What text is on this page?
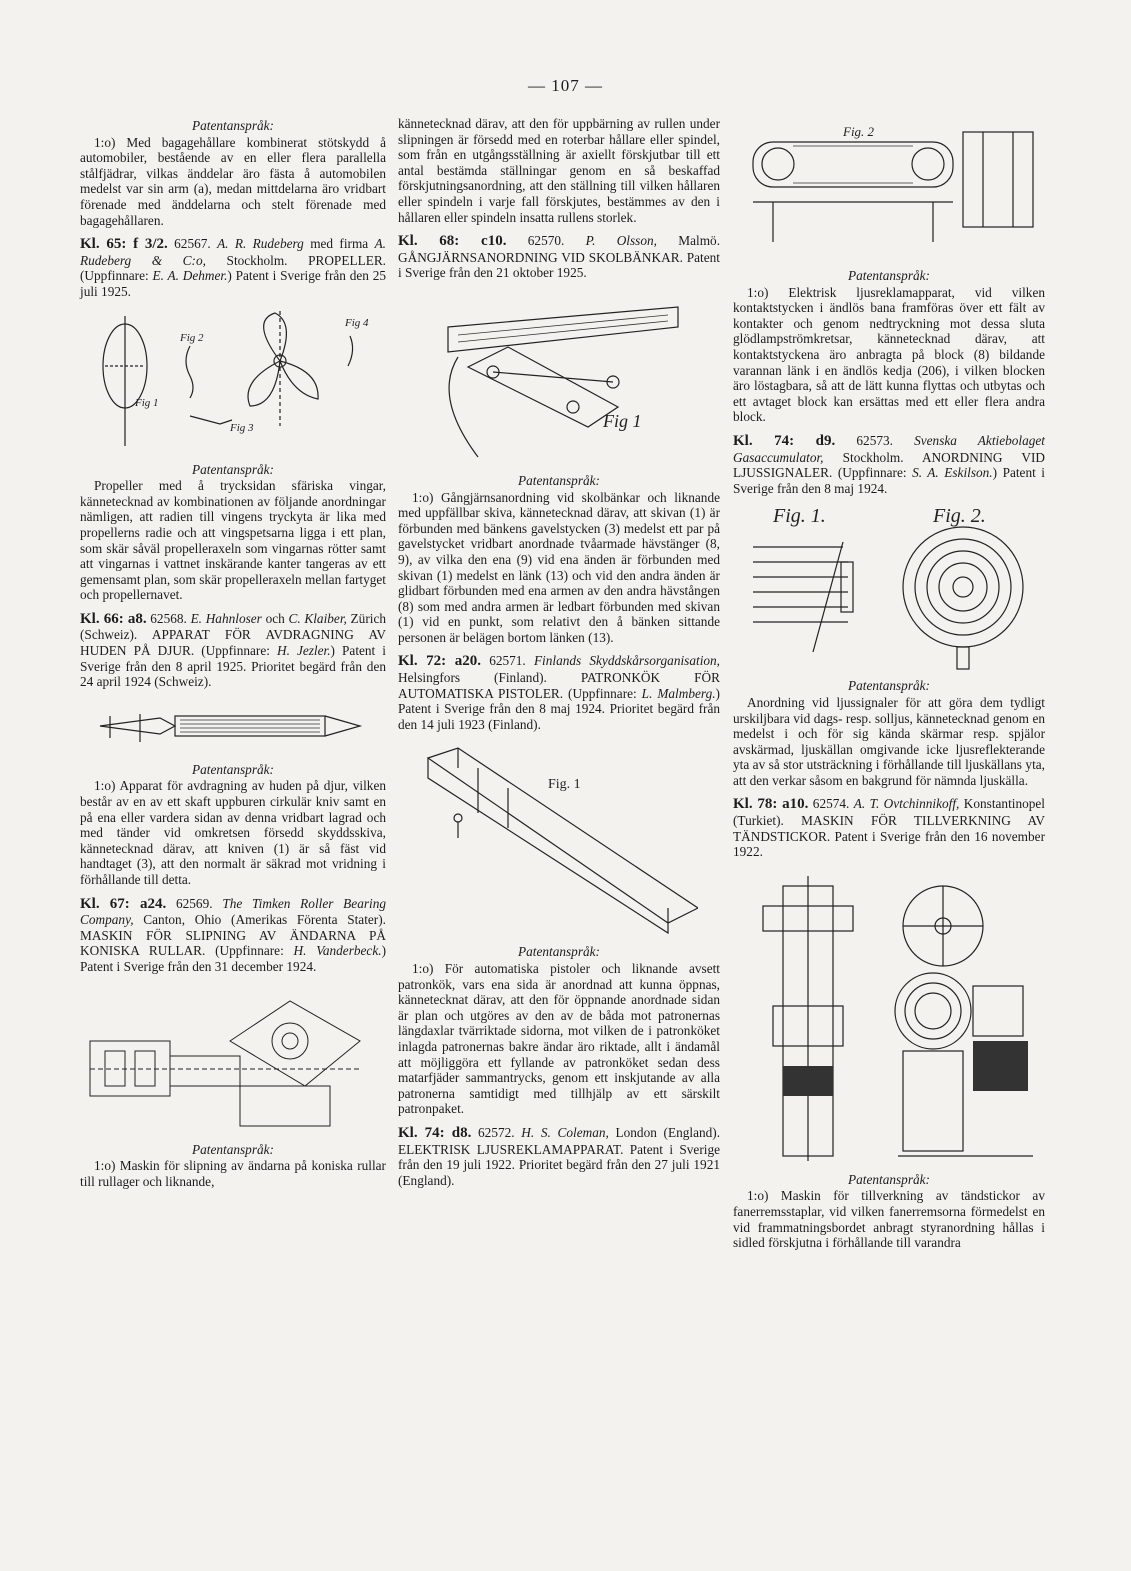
— 107 —

Patentanspråk:

1:o) Med bagagehållare kombinerat stötskydd å automobiler, bestående av en eller flera parallella stålfjädrar, vilkas änddelar äro fästa å automobilen medelst var sin arm (a), medan mittdelarna äro vridbart förenade med änddelarna och stelt förenade med bagagehållaren.

Kl. 65: f 3/2. 62567. A. R. Rudeberg med firma A. Rudeberg & C:o, Stockholm. PROPELLER. (Uppfinnare: E. A. Dehmer.) Patent i Sverige från den 25 juli 1925.

Fig 2
Fig 1
Fig 3
Fig 4

Patentanspråk:

Propeller med å trycksidan sfäriska vingar, kännetecknad av kombinationen av följande anordningar nämligen, att radien till vingens tryckyta är lika med propellerns radie och att vingspetsarna ligga i ett plan, som skär såväl propelleraxeln som vingarnas rötter samt att vingarnas i vattnet inskärande kanter tangeras av ett gemensamt plan, som skär propelleraxeln mellan fartyget och propellernavet.

Kl. 66: a8. 62568. E. Hahnloser och C. Klaiber, Zürich (Schweiz). APPARAT FÖR AVDRAGNING AV HUDEN PÅ DJUR. (Uppfinnare: H. Jezler.) Patent i Sverige från den 8 april 1925. Prioritet begärd från den 24 april 1924 (Schweiz).

Patentanspråk:

1:o) Apparat för avdragning av huden på djur, vilken består av en av ett skaft uppburen cirkulär kniv samt en på ena eller vardera sidan av denna vridbart lagrad och med tänder vid omkretsen försedd skyddsskiva, kännetecknad därav, att kniven (1) är så fäst vid handtaget (3), att den normalt är säkrad mot vridning i förhållande till detta.

Kl. 67: a24. 62569. The Timken Roller Bearing Company, Canton, Ohio (Amerikas Förenta Stater). MASKIN FÖR SLIPNING AV ÄNDARNA PÅ KONISKA RULLAR. (Uppfinnare: H. Vanderbeck.) Patent i Sverige från den 31 december 1924.

Patentanspråk:

1:o) Maskin för slipning av ändarna på koniska rullar till rullager och liknande,

kännetecknad därav, att den för uppbärning av rullen under slipningen är försedd med en roterbar hållare eller spindel, som från en utgångsställning är axiellt förskjutbar till ett antal bestämda ställningar genom en så beskaffad förskjutningsanordning, att den ställning till vilken hållaren eller spindeln i varje fall förskjutes, bestämmes av den i hållaren eller spindeln insatta rullens storlek.

Kl. 68: c10. 62570. P. Olsson, Malmö. GÅNGJÄRNSANORDNING VID SKOLBÄNKAR. Patent i Sverige från den 21 oktober 1925.

Fig 1

Patentanspråk:

1:o) Gångjärnsanordning vid skolbänkar och liknande med uppfällbar skiva, kännetecknad därav, att skivan (1) är förbunden med bänkens gavelstycken (3) medelst ett par på gavelstycket vridbart anordnade tvåarmade hävstänger (8, 9), av vilka den ena (9) vid ena änden är förbunden med skivan (1) medelst en länk (13) och vid den andra änden är glidbart förbunden med ena armen av den andra hävstången (8) som med andra armen är ledbart förbunden med skivan (1) vid en punkt, som relativt den å bänken sittande personen är belägen bortom länken (13).

Kl. 72: a20. 62571. Finlands Skyddskårsorganisation, Helsingfors (Finland). PATRONKÖK FÖR AUTOMATISKA PISTOLER. (Uppfinnare: L. Malmberg.) Patent i Sverige från den 8 maj 1924. Prioritet begärd från den 14 juli 1923 (Finland).

Fig. 1

Patentanspråk:

1:o) För automatiska pistoler och liknande avsett patronkök, vars ena sida är anordnad att kunna öppnas, kännetecknat därav, att den för öppnande anordnade sidan är plan och utgöres av den av de båda mot patronernas längdaxlar tvärriktade sidorna, mot vilken de i patronköket inlagda patronernas bakre ändar äro riktade, allt i ändamål att möjliggöra ett fyllande av patronköket sedan dess matarfjäder sammantrycks, genom ett inskjutande av alla patronerna samtidigt med tillhjälp av ett särskilt patronpaket.

Kl. 74: d8. 62572. H. S. Coleman, London (England). ELEKTRISK LJUSREKLAMAPPARAT. Patent i Sverige från den 19 juli 1922. Prioritet begärd från den 27 juli 1921 (England).

Fig. 2

Patentanspråk:

1:o) Elektrisk ljusreklamapparat, vid vilken kontaktstycken i ändlös bana framföras över ett fält av kontakter och genom nedtryckning mot dessa sluta glödlampströmkretsar, kännetecknad därav, att kontaktstyckena äro anbragta på block (8) bildande varannan länk i en ändlös kedja (206), i vilken blocken äro löstagbara, så att de lätt kunna flyttas och utbytas och ett avtaget block kan ersättas med ett eller flera andra block.

Kl. 74: d9. 62573. Svenska Aktiebolaget Gasaccumulator, Stockholm. ANORDNING VID LJUSSIGNALER. (Uppfinnare: S. A. Eskilson.) Patent i Sverige från den 8 maj 1924.

Fig. 1.	Fig. 2.

Patentanspråk:

Anordning vid ljussignaler för att göra dem tydligt urskiljbara vid dags- resp. solljus, kännetecknad genom en medelst i och för sig kända skärmar resp. spjälor avskärmad, ljuskällan omgivande icke ljusreflekterande yta av så stor utsträckning i förhållande till ljuskällans yta, att den verkar såsom en bakgrund för nämnda ljuskälla.

Kl. 78: a10. 62574. A. T. Ovtchinnikoff, Konstantinopel (Turkiet). MASKIN FÖR TILLVERKNING AV TÄNDSTICKOR. Patent i Sverige från den 16 november 1922.

Patentanspråk:

1:o) Maskin för tillverkning av tändstickor av fanerremsstaplar, vid vilken fanerremsorna förmedelst en vid frammatningsbordet anbragt styranordning hållas i sidled förskjutna i förhållande till varandra
